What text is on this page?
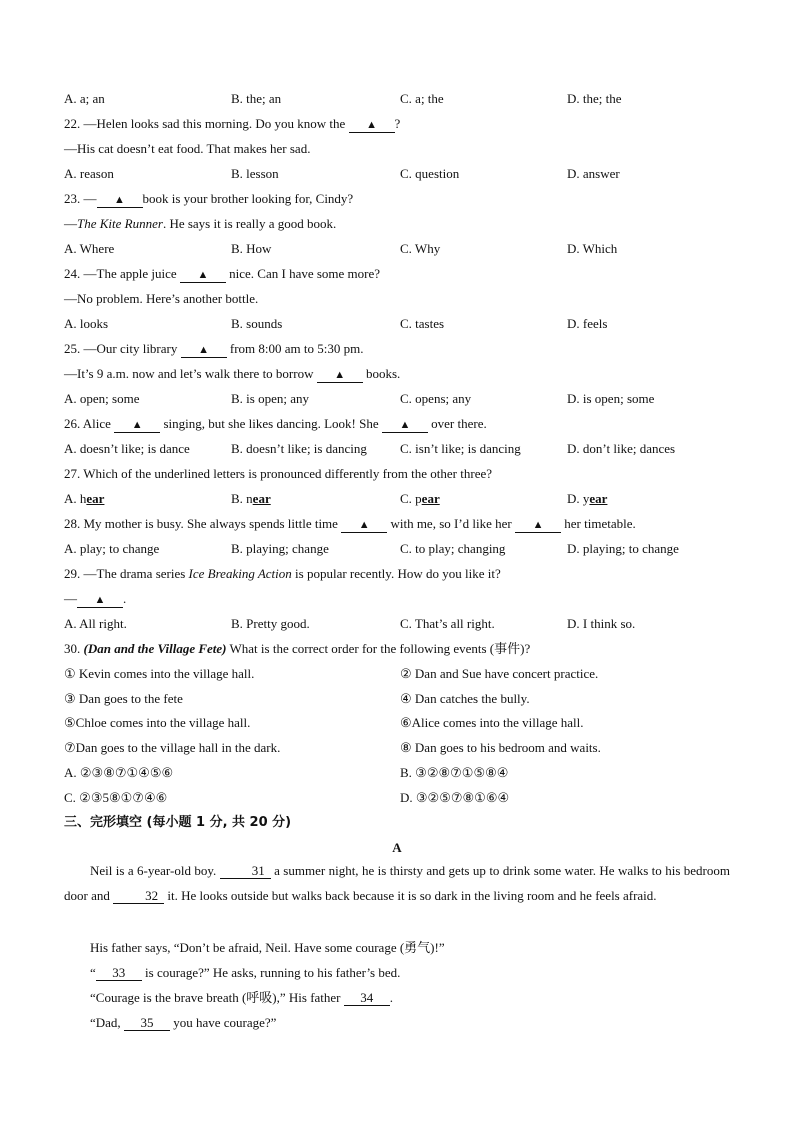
A. a; an	B. the; an	C. a; the	D. the; the
22. —Helen looks sad this morning. Do you know the ▲ ?
—His cat doesn’t eat food. That makes her sad.
A. reason	B. lesson	C. question	D. answer
23. — ▲ book is your brother looking for, Cindy?
—The Kite Runner. He says it is really a good book.
A. Where	B. How	C. Why	D. Which
24. —The apple juice ▲ nice. Can I have some more?
—No problem. Here’s another bottle.
A. looks	B. sounds	C. tastes	D. feels
25. —Our city library ▲ from 8:00 am to 5:30 pm.
—It’s 9 a.m. now and let’s walk there to borrow ▲ books.
A. open; some	B. is open; any	C. opens; any	D. is open; some
26. Alice ▲ singing, but she likes dancing. Look! She ▲ over there.
A. doesn’t like; is dance	B. doesn’t like; is dancing	C. isn’t like; is dancing	D. don’t like; dances
27. Which of the underlined letters is pronounced differently from the other three?
A. hear	B. near	C. pear	D. year
28. My mother is busy. She always spends little time ▲ with me, so I’d like her ▲ her timetable.
A. play; to change	B. playing; change	C. to play; changing	D. playing; to change
29. —The drama series Ice Breaking Action is popular recently. How do you like it?
— ▲ .
A. All right.	B. Pretty good.	C. That’s all right.	D. I think so.
30. (Dan and the Village Fete) What is the correct order for the following events (事件)?
① Kevin comes into the village hall.	② Dan and Sue have concert practice.
③ Dan goes to the fete	④ Dan catches the bully.
⑤Chloe comes into the village hall.	⑥Alice comes into the village hall.
⑦Dan goes to the village hall in the dark.	⑧ Dan goes to his bedroom and waits.
A. ②③⑧⑦①④⑤⑥	B. ③②⑧⑦①⑤⑧④
C. ②③5⑧①⑦④⑥	D. ③②⑤⑦⑧①⑥④
三、完形填空 (每小题 1 分, 共 20 分)
A
Neil is a 6-year-old boy. 31 a summer night, he is thirsty and gets up to drink some water. He walks to his bedroom door and 32 it. He looks outside but walks back because it is so dark in the living room and he feels afraid.
His father says, “Don’t be afraid, Neil. Have some courage (勇气)!”
“ 33 is courage?” He asks, running to his father’s bed.
“Courage is the brave breath (呼吸),” His father 34 .
“Dad, 35 you have courage?”
